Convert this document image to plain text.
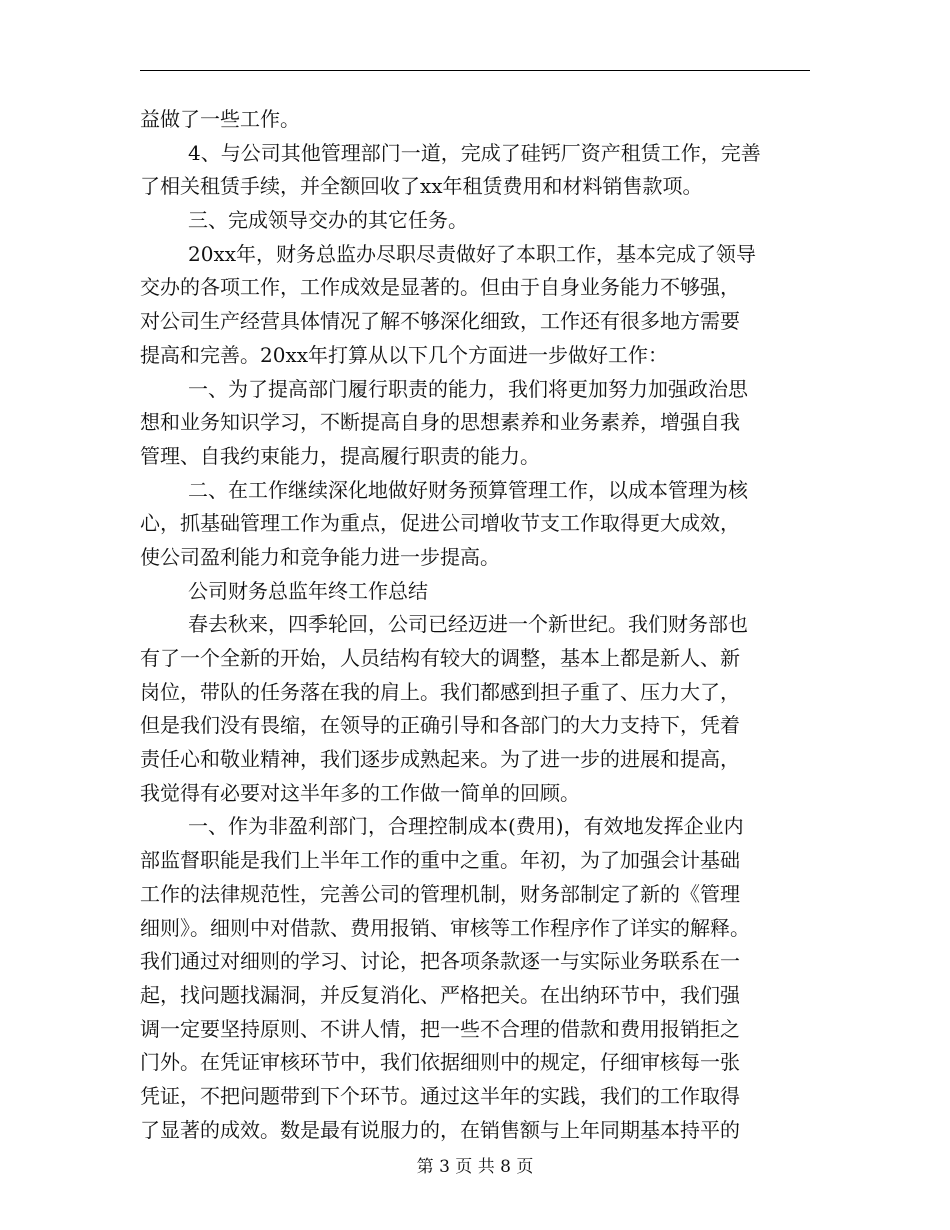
益做了一些工作。
4、与公司其他管理部门一道，完成了硅钙厂资产租赁工作，完善
了相关租赁手续，并全额回收了xx年租赁费用和材料销售款项。
三、完成领导交办的其它任务。
20xx年，财务总监办尽职尽责做好了本职工作，基本完成了领导
交办的各项工作，工作成效是显著的。但由于自身业务能力不够强，
对公司生产经营具体情况了解不够深化细致，工作还有很多地方需要
提高和完善。20xx年打算从以下几个方面进一步做好工作：
一、为了提高部门履行职责的能力，我们将更加努力加强政治思
想和业务知识学习，不断提高自身的思想素养和业务素养，增强自我
管理、自我约束能力，提高履行职责的能力。
二、在工作继续深化地做好财务预算管理工作，以成本管理为核
心，抓基础管理工作为重点，促进公司增收节支工作取得更大成效，
使公司盈利能力和竞争能力进一步提高。
公司财务总监年终工作总结
春去秋来，四季轮回，公司已经迈进一个新世纪。我们财务部也
有了一个全新的开始，人员结构有较大的调整，基本上都是新人、新
岗位，带队的任务落在我的肩上。我们都感到担子重了、压力大了，
但是我们没有畏缩，在领导的正确引导和各部门的大力支持下，凭着
责任心和敬业精神，我们逐步成熟起来。为了进一步的进展和提高，
我觉得有必要对这半年多的工作做一简单的回顾。
一、作为非盈利部门，合理控制成本(费用)，有效地发挥企业内
部监督职能是我们上半年工作的重中之重。年初，为了加强会计基础
工作的法律规范性，完善公司的管理机制，财务部制定了新的《管理
细则》。细则中对借款、费用报销、审核等工作程序作了详实的解释。
我们通过对细则的学习、讨论，把各项条款逐一与实际业务联系在一
起，找问题找漏洞，并反复消化、严格把关。在出纳环节中，我们强
调一定要坚持原则、不讲人情，把一些不合理的借款和费用报销拒之
门外。在凭证审核环节中，我们依据细则中的规定，仔细审核每一张
凭证，不把问题带到下个环节。通过这半年的实践，我们的工作取得
了显著的成效。数是最有说服力的，在销售额与上年同期基本持平的
第 3 页 共 8 页
